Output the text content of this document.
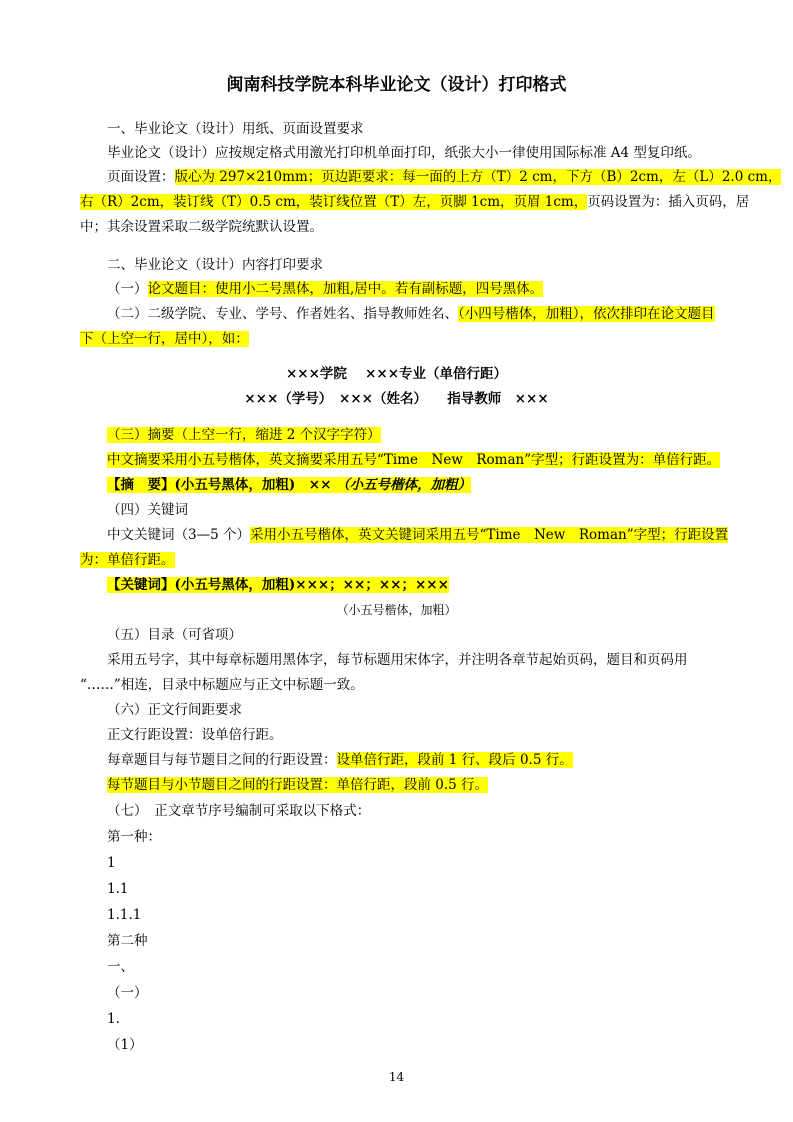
闽南科技学院本科毕业论文（设计）打印格式
一、毕业论文（设计）用纸、页面设置要求
毕业论文（设计）应按规定格式用激光打印机单面打印，纸张大小一律使用国际标准 A4 型复印纸。
页面设置：版心为 297×210mm；页边距要求：每一面的上方（T）2 cm，下方（B）2cm，左（L）2.0 cm，
右（R）2cm，装订线（T）0.5 cm，装订线位置（T）左，页脚 1cm，页眉 1cm，页码设置为：插入页码，居
中；其余设置采取二级学院统默认设置。
二、毕业论文（设计）内容打印要求
（一）论文题目：使用小二号黑体，加粗,居中。若有副标题，四号黑体。
（二）二级学院、专业、学号、作者姓名、指导教师姓名、（小四号楷体，加粗），依次排印在论文题目
下（上空一行，居中），如：
×××学院　 ×××专业（单倍行距）
×××（学号）　×××（姓名）　　指导教师　×××
（三）摘要（上空一行，缩进 2 个汉字字符）
中文摘要采用小五号楷体，英文摘要采用五号“Time　New　Roman”字型；行距设置为：单倍行距。
【摘　要】(小五号黑体，加粗)　×× （小五号楷体，加粗）
（四）关键词
中文关键词（3—5 个）采用小五号楷体，英文关键词采用五号“Time　New　Roman”字型；行距设置
为：单倍行距。
【关键词】(小五号黑体，加粗)×××；××；××；×××
（小五号楷体，加粗）
（五）目录（可省项）
采用五号字，其中每章标题用黑体字，每节标题用宋体字，并注明各章节起始页码，题目和页码用
“……”相连，目录中标题应与正文中标题一致。
（六）正文行间距要求
正文行距设置：设单倍行距。
每章题目与每节题目之间的行距设置：设单倍行距，段前 1 行、段后 0.5 行。
每节题目与小节题目之间的行距设置：单倍行距，段前 0.5 行。
（七）　正文章节序号编制可采取以下格式：
第一种：
1
1.1
1.1.1
第二种
一、
（一）
1.
（1）
14
